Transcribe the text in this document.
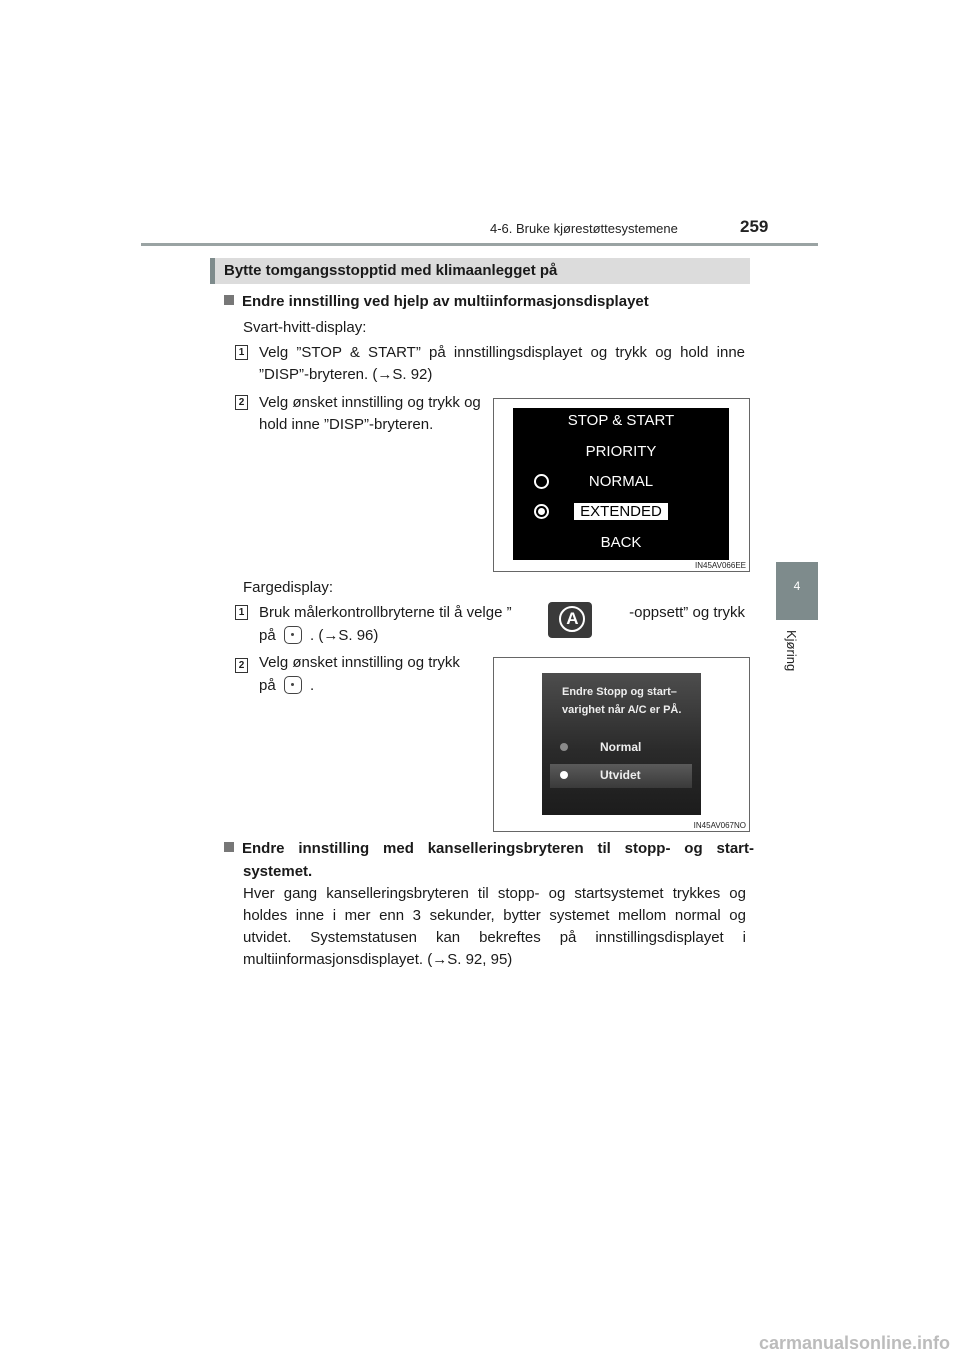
4-6. Bruke kjørestøttesystemene	259
4
Kjøring
Bytte tomgangsstopptid med klimaanlegget på
Endre innstilling ved hjelp av multiinformasjonsdisplayet
Svart-hvitt-display:
1 Velg ”STOP & START” på innstillingsdisplayet og trykk og hold inne ”DISP”-bryteren. (→S. 92)
2 Velg ønsket innstilling og trykk og hold inne ”DISP”-bryteren.	STOP & START
PRIORITY
NORMAL
EXTENDED
BACK
IN45AV066EE
Fargedisplay:
1 Bruk målerkontrollbryterne til å velge ”	A	-oppsett” og trykk
på . (→S. 96)
2 Velg ønsket innstilling og trykk
på .	Endre Stopp og start–
varighet når A/C er PÅ.
Normal
Utvidet
IN45AV067NO
Endre innstilling med kanselleringsbryteren til stopp- og start-
systemet.
Hver gang kanselleringsbryteren til stopp- og startsystemet trykkes og holdes inne i mer enn 3 sekunder, bytter systemet mellom normal og utvidet. Systemstatusen kan bekreftes på innstillingsdisplayet i multiinformasjonsdisplayet. (→S. 92, 95)
carmanualsonline.info
